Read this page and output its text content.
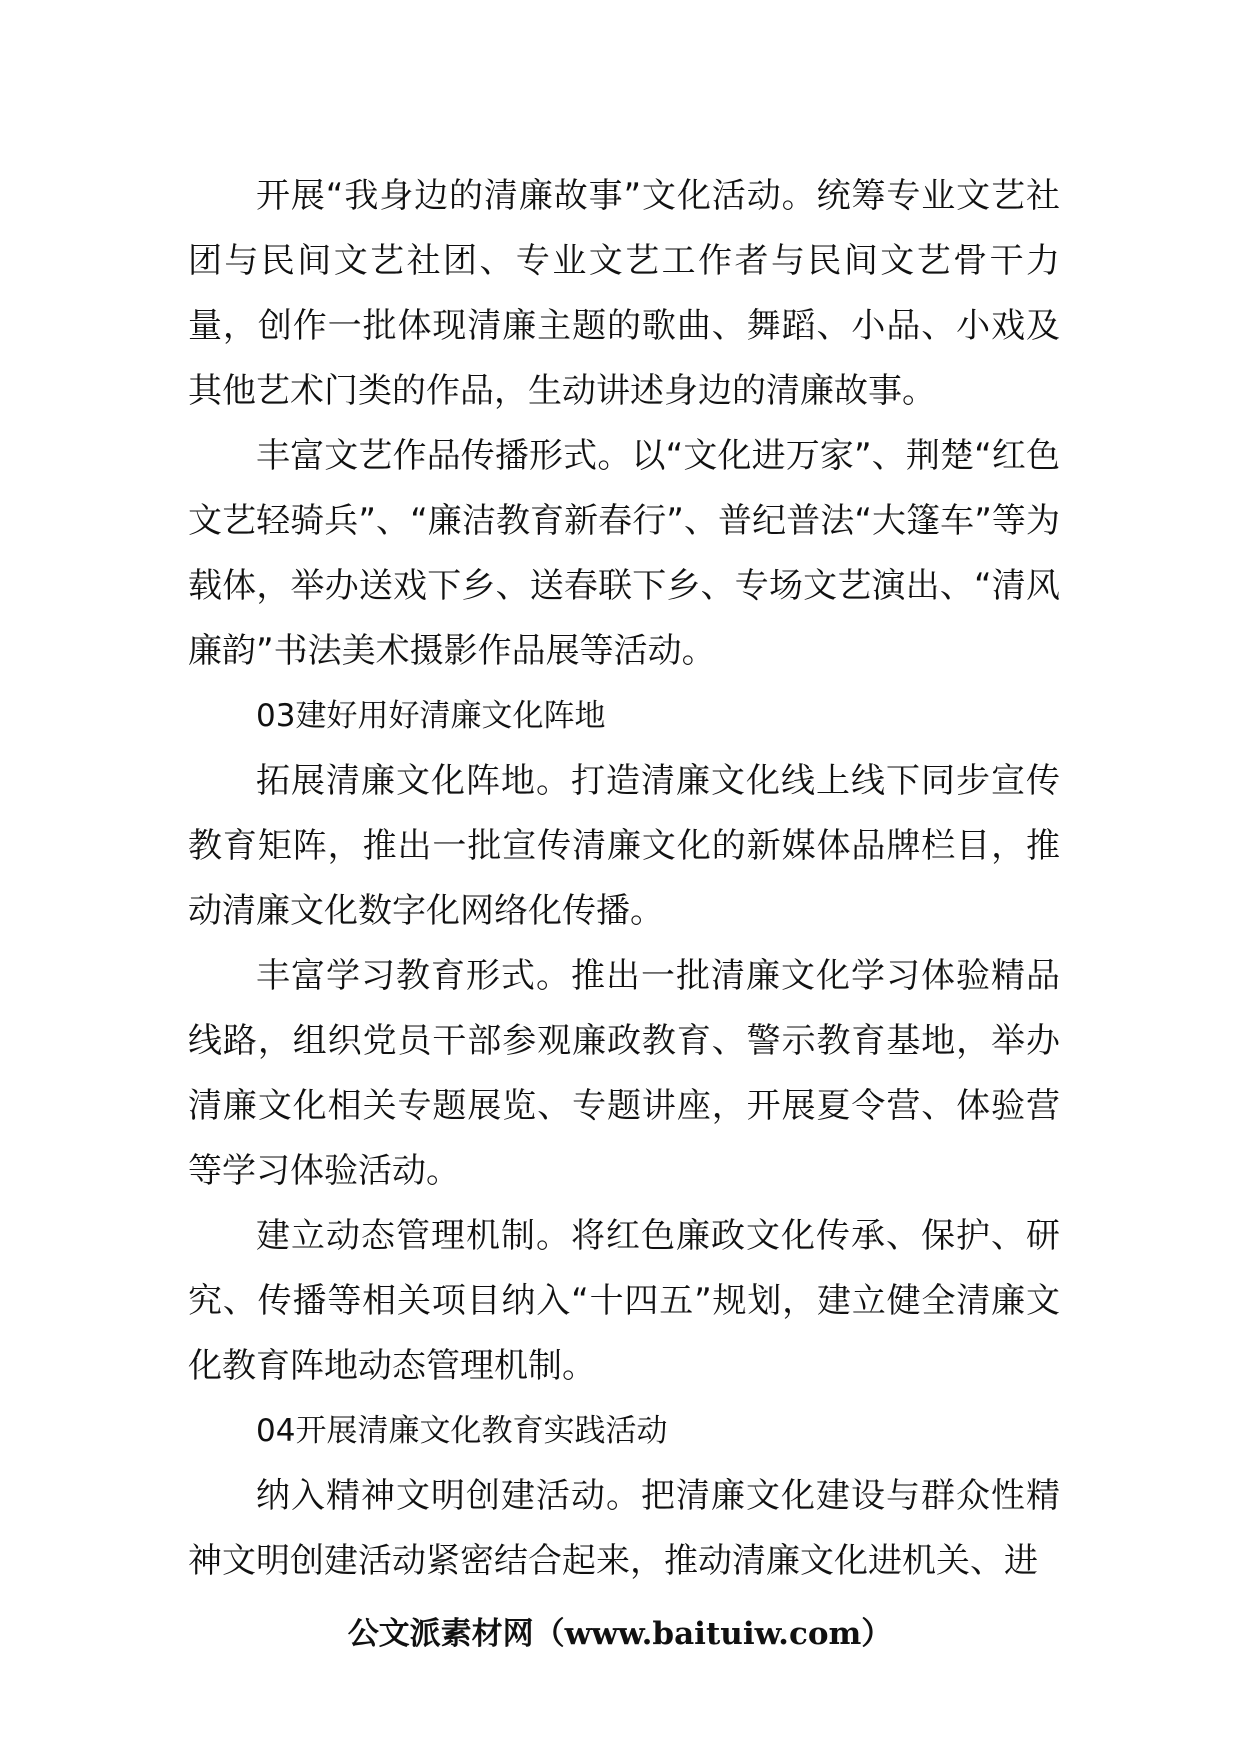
开展“我身边的清廉故事”文化活动。统筹专业文艺社团与民间文艺社团、专业文艺工作者与民间文艺骨干力量，创作一批体现清廉主题的歌曲、舞蹈、小品、小戏及其他艺术门类的作品，生动讲述身边的清廉故事。

丰富文艺作品传播形式。以“文化进万家”、荆楚“红色文艺轻骑兵”、“廉洁教育新春行”、普纪普法“大篷车”等为载体，举办送戏下乡、送春联下乡、专场文艺演出、“清风廉韵”书法美术摄影作品展等活动。

03建好用好清廉文化阵地

拓展清廉文化阵地。打造清廉文化线上线下同步宣传教育矩阵，推出一批宣传清廉文化的新媒体品牌栏目，推动清廉文化数字化网络化传播。

丰富学习教育形式。推出一批清廉文化学习体验精品线路，组织党员干部参观廉政教育、警示教育基地，举办清廉文化相关专题展览、专题讲座，开展夏令营、体验营等学习体验活动。

建立动态管理机制。将红色廉政文化传承、保护、研究、传播等相关项目纳入“十四五”规划，建立健全清廉文化教育阵地动态管理机制。

04开展清廉文化教育实践活动

纳入精神文明创建活动。把清廉文化建设与群众性精神文明创建活动紧密结合起来，推动清廉文化进机关、进

公文派素材网（www.baituiw.com）
